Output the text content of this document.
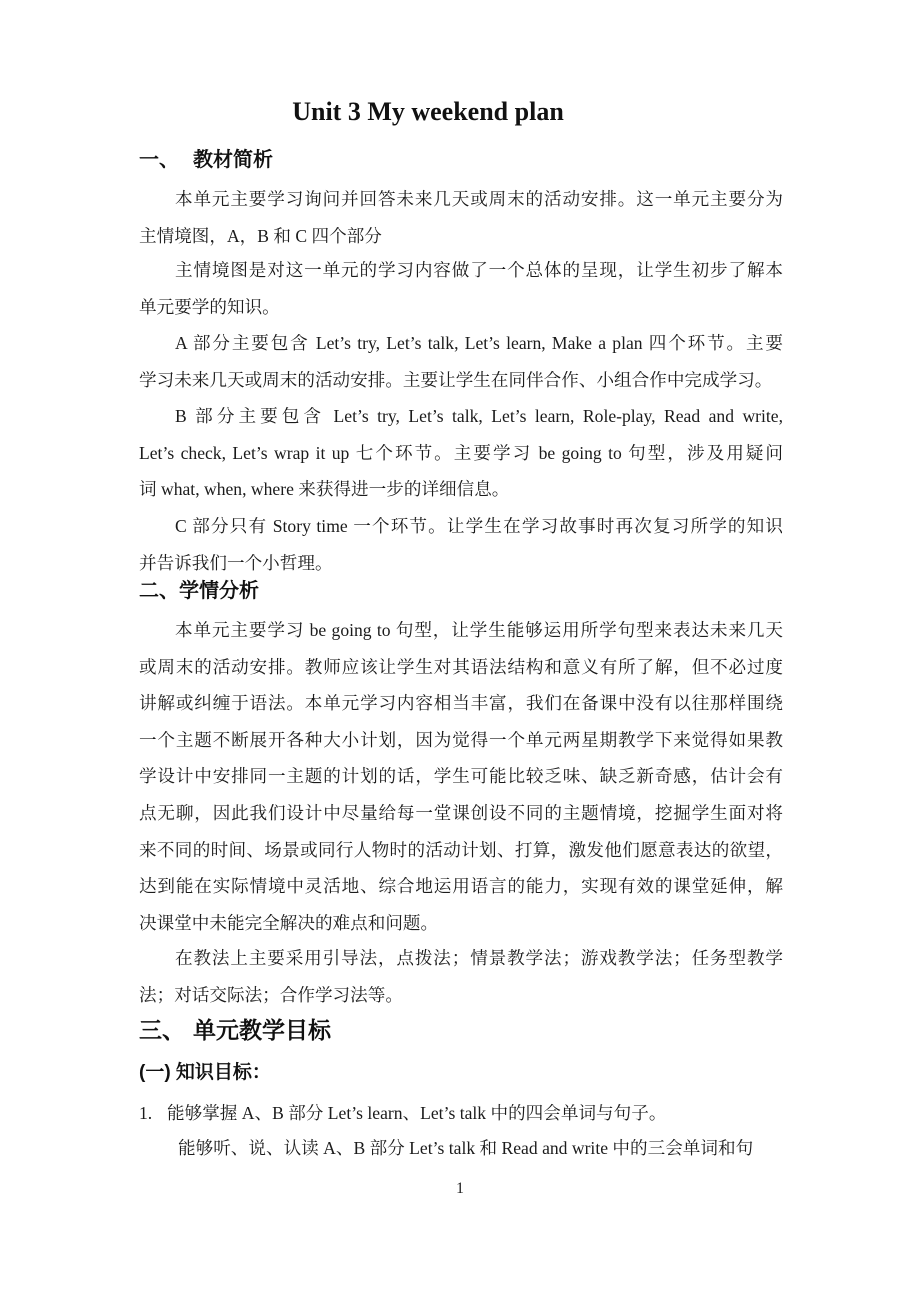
Unit 3 My weekend plan
一、 教材简析
本单元主要学习询问并回答未来几天或周末的活动安排。这一单元主要分为
主情境图，A，B 和 C 四个部分
主情境图是对这一单元的学习内容做了一个总体的呈现，让学生初步了解本
单元要学的知识。
A 部分主要包含 Let’s try, Let’s talk, Let’s learn, Make a plan 四个环节。主要
学习未来几天或周末的活动安排。主要让学生在同伴合作、小组合作中完成学习。
B 部分主要包含 Let’s try, Let’s talk, Let’s learn, Role-play, Read and write,
Let’s check, Let’s wrap it up 七个环节。主要学习 be going to 句型，涉及用疑问
词 what, when, where 来获得进一步的详细信息。
C 部分只有 Story time 一个环节。让学生在学习故事时再次复习所学的知识
并告诉我们一个小哲理。
二、学情分析
本单元主要学习 be going to 句型，让学生能够运用所学句型来表达未来几天
或周末的活动安排。教师应该让学生对其语法结构和意义有所了解，但不必过度
讲解或纠缠于语法。本单元学习内容相当丰富，我们在备课中没有以往那样围绕
一个主题不断展开各种大小计划，因为觉得一个单元两星期教学下来觉得如果教
学设计中安排同一主题的计划的话，学生可能比较乏味、缺乏新奇感，估计会有
点无聊，因此我们设计中尽量给每一堂课创设不同的主题情境，挖掘学生面对将
来不同的时间、场景或同行人物时的活动计划、打算，激发他们愿意表达的欲望，
达到能在实际情境中灵活地、综合地运用语言的能力，实现有效的课堂延伸，解
决课堂中未能完全解决的难点和问题。
在教法上主要采用引导法，点拨法；情景教学法；游戏教学法；任务型教学
法；对话交际法；合作学习法等。
三、 单元教学目标
(一) 知识目标：
1. 能够掌握 A、B 部分 Let’s learn、Let’s talk 中的四会单词与句子。
能够听、说、认读 A、B 部分 Let’s talk 和 Read and write 中的三会单词和句
1
